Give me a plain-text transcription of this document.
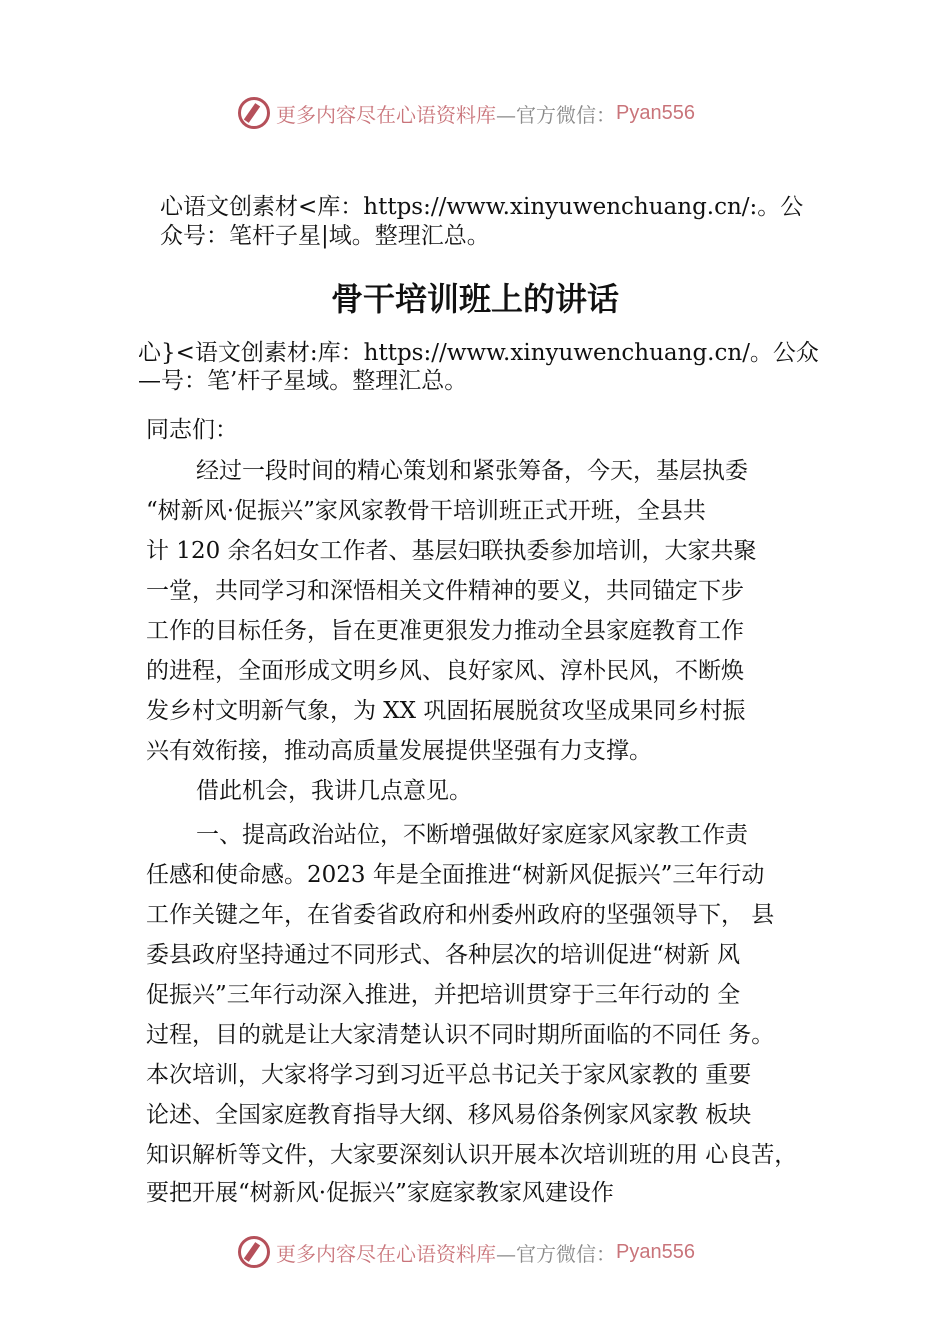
更多内容尽在心语资料库 —官方微信： Pyan556
心语文创素材<库：https://www.xinyuwenchuang.cn/:。公
众号：笔杆子星|域。整理汇总。
骨干培训班上的讲话
心}<语文创素材:库：https://www.xinyuwenchuang.cn/。公众
—号：笔’杆子星域。整理汇总。
同志们：
经过一段时间的精心策划和紧张筹备，今天，基层执委
“树新风·促振兴”家风家教骨干培训班正式开班，全县共
计 120 余名妇女工作者、基层妇联执委参加培训，大家共聚
一堂，共同学习和深悟相关文件精神的要义，共同锚定下步
工作的目标任务，旨在更准更狠发力推动全县家庭教育工作
的进程，全面形成文明乡风、良好家风、淳朴民风，不断焕
发乡村文明新气象，为 XX 巩固拓展脱贫攻坚成果同乡村振
兴有效衔接，推动高质量发展提供坚强有力支撑。
借此机会，我讲几点意见。
一、提高政治站位，不断增强做好家庭家风家教工作责
任感和使命感。2023 年是全面推进“树新风促振兴”三年行动
工作关键之年，在省委省政府和州委州政府的坚强领导下， 县
委县政府坚持通过不同形式、各种层次的培训促进“树新 风
促振兴”三年行动深入推进，并把培训贯穿于三年行动的 全
过程，目的就是让大家清楚认识不同时期所面临的不同任 务。
本次培训，大家将学习到习近平总书记关于家风家教的 重要
论述、全国家庭教育指导大纲、移风易俗条例家风家教 板块
知识解析等文件，大家要深刻认识开展本次培训班的用 心良苦，
要把开展“树新风·促振兴”家庭家教家风建设作
更多内容尽在心语资料库 —官方微信： Pyan556
